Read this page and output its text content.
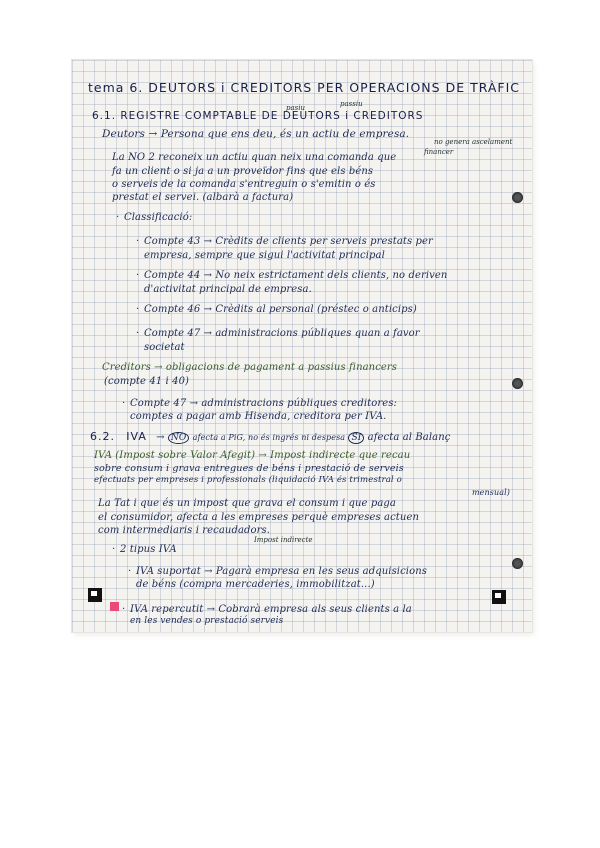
tema 6. DEUTORS i CREDITORS PER OPERACIONS DE TRÀFIC
pasiu	passiu
6.1. REGISTRE COMPTABLE DE DEUTORS i CREDITORS
Deutors → Persona que ens deu, és un actiu de empresa.
no genera ascelament
financer
La NO 2 reconeix un actiu quan neix una comanda que
fa un client o si ja a un proveïdor fins que els béns
o serveis de la comanda s'entreguin o s'emitin o és
prestat el servei. (albarà a factura)
· Classificació:
· Compte 43 → Crèdits de clients per serveis prestats per
empresa, sempre que sigui l'activitat principal
· Compte 44 → No neix estrictament dels clients, no deriven
d'activitat principal de empresa.
· Compte 46 → Crèdits al personal (préstec o anticips)
· Compte 47 → administracions públiques quan a favor
societat
Creditors → obligacions de pagament a passius financers
(compte 41 i 40)
· Compte 47 → administracions públiques creditores:
comptes a pagar amb Hisenda, creditora per IVA.
6.2. IVA → NO afecta a PiG, no és ingrés ni despesa SI afecta al Balanç
IVA (Impost sobre Valor Afegit) → Impost indirecte que recau
sobre consum i grava entregues de béns i prestació de serveis
efectuats per empreses i professionals (liquidació IVA és trimestral o
mensual)
La Tat i que és un impost que grava el consum i que paga
el consumidor, afecta a les empreses perquè empreses actuen
com intermediaris i recaudadors.
Impost indirecte
· 2 tipus IVA
· IVA suportat → Pagarà empresa en les seus adquisicions
de béns (compra mercaderies, immobilitzat...)
· IVA repercutit → Cobrarà empresa als seus clients a la
en les vendes o prestació serveis
